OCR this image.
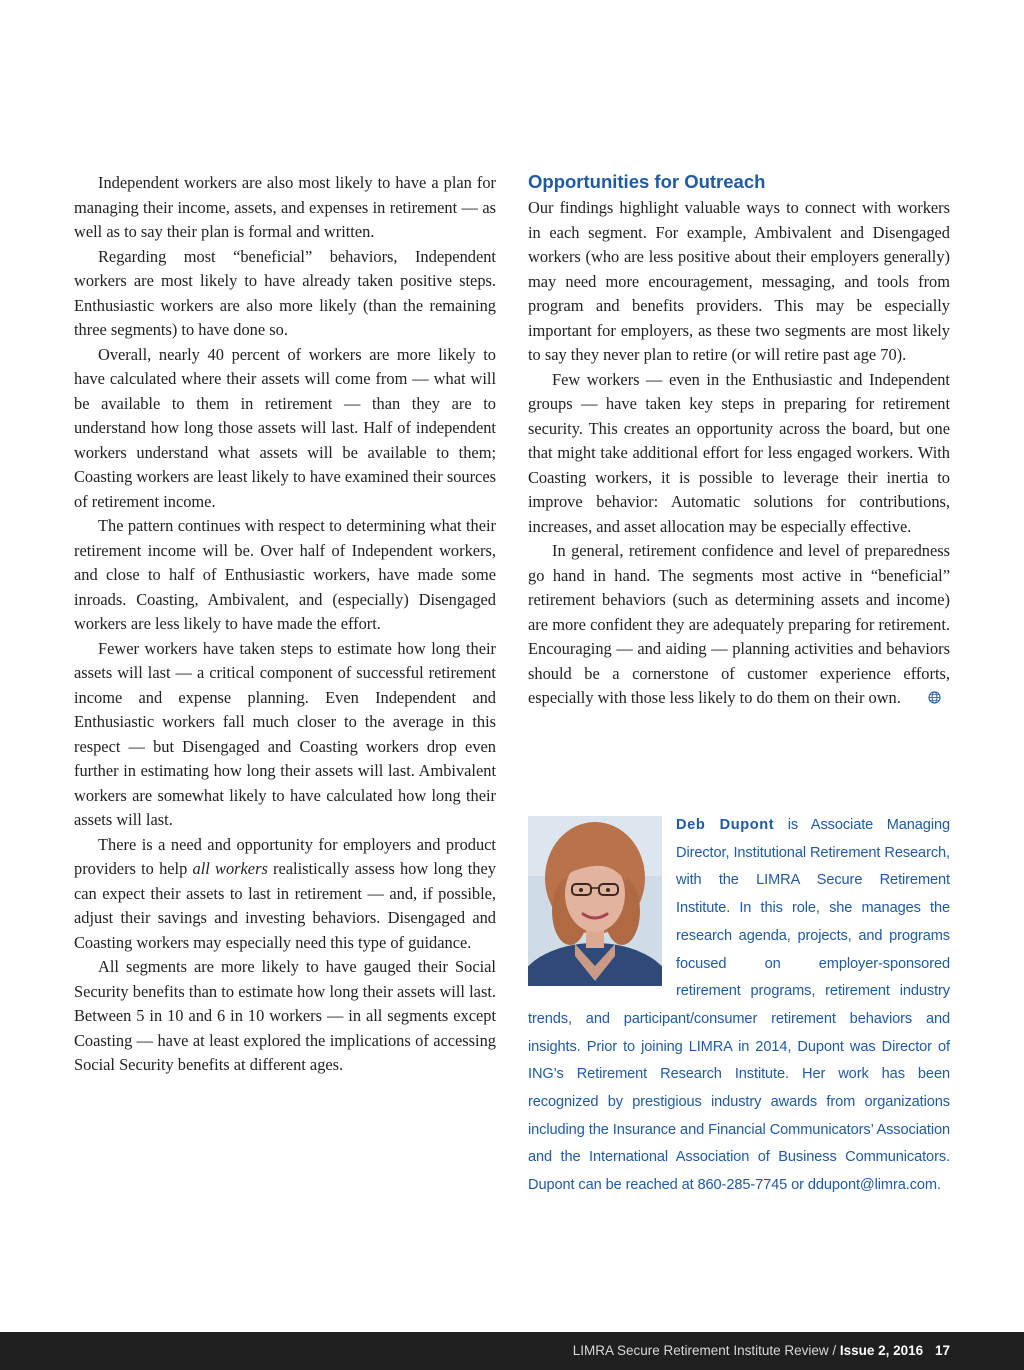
Independent workers are also most likely to have a plan for managing their income, assets, and expenses in retirement — as well as to say their plan is formal and written.

Regarding most “beneficial” behaviors, Independent workers are most likely to have already taken positive steps. Enthusiastic workers are also more likely (than the remaining three segments) to have done so.

Overall, nearly 40 percent of workers are more likely to have calculated where their assets will come from — what will be available to them in retirement — than they are to understand how long those assets will last. Half of independent workers understand what assets will be available to them; Coasting workers are least likely to have examined their sources of retirement income.

The pattern continues with respect to determining what their retirement income will be. Over half of Independent workers, and close to half of Enthusiastic workers, have made some inroads. Coasting, Ambivalent, and (especially) Disengaged workers are less likely to have made the effort.

Fewer workers have taken steps to estimate how long their assets will last — a critical component of successful retirement income and expense planning. Even Independent and Enthusiastic workers fall much closer to the average in this respect — but Disengaged and Coasting workers drop even further in estimating how long their assets will last. Ambivalent workers are somewhat likely to have calculated how long their assets will last.

There is a need and opportunity for employers and product providers to help all workers realistically assess how long they can expect their assets to last in retirement — and, if possible, adjust their savings and investing behaviors. Disengaged and Coasting workers may especially need this type of guidance.

All segments are more likely to have gauged their Social Security benefits than to estimate how long their assets will last. Between 5 in 10 and 6 in 10 workers — in all segments except Coasting — have at least explored the implications of accessing Social Security benefits at different ages.

Opportunities for Outreach

Our findings highlight valuable ways to connect with workers in each segment. For example, Ambivalent and Disengaged workers (who are less positive about their employers generally) may need more encouragement, messaging, and tools from program and benefits providers. This may be especially important for employers, as these two segments are most likely to say they never plan to retire (or will retire past age 70).

Few workers — even in the Enthusiastic and Independent groups — have taken key steps in preparing for retirement security. This creates an opportunity across the board, but one that might take additional effort for less engaged workers. With Coasting workers, it is possible to leverage their inertia to improve behavior: Automatic solutions for contributions, increases, and asset allocation may be especially effective.

In general, retirement confidence and level of preparedness go hand in hand. The segments most active in “beneficial” retirement behaviors (such as determining assets and income) are more confident they are adequately preparing for retirement. Encouraging — and aiding — planning activities and behaviors should be a cornerstone of customer experience efforts, especially with those less likely to do them on their own.

Deb Dupont is Associate Managing Director, Institutional Retirement Research, with the LIMRA Secure Retirement Institute. In this role, she manages the research agenda, projects, and programs focused on employer-sponsored retirement programs, retirement industry trends, and participant/consumer retirement behaviors and insights. Prior to joining LIMRA in 2014, Dupont was Director of ING’s Retirement Research Institute. Her work has been recognized by prestigious industry awards from organizations including the Insurance and Financial Communicators’ Association and the International Association of Business Communicators. Dupont can be reached at 860-285-7745 or ddupont@limra.com.
LIMRA Secure Retirement Institute Review / Issue 2, 2016 17
